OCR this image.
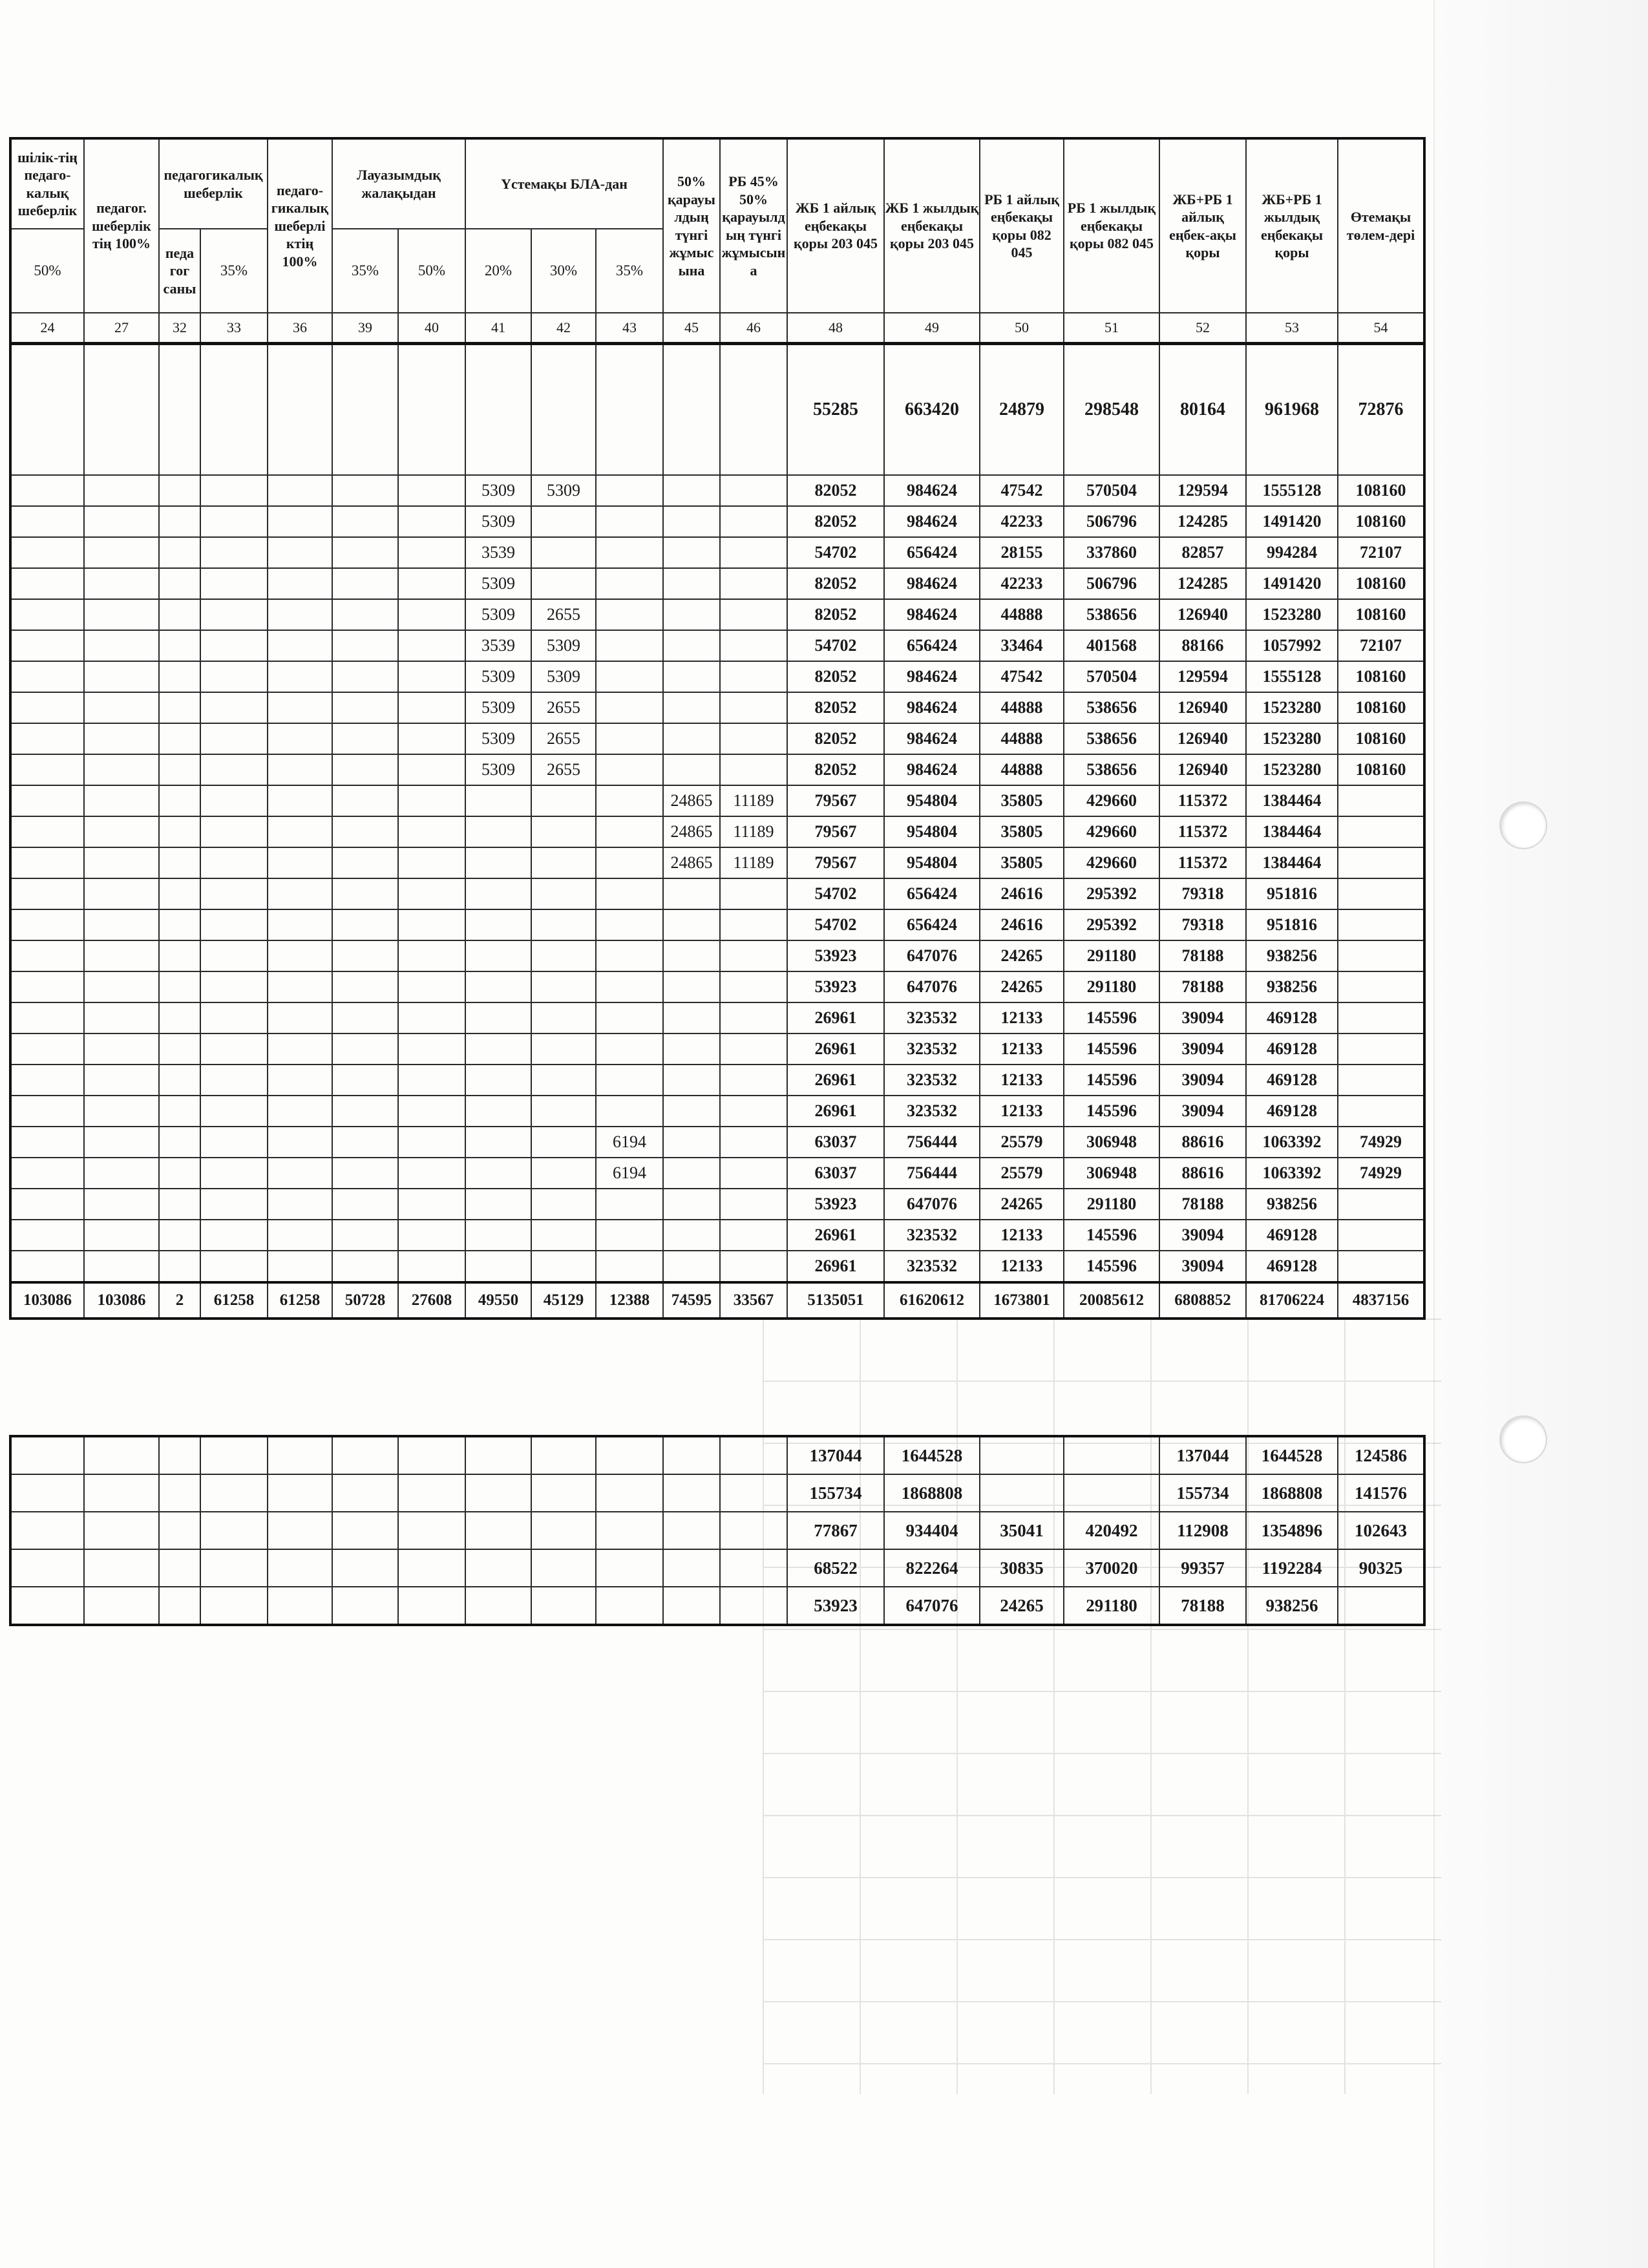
шілік-тің педаго-калық шеберлік	педагог. шеберлік тің 100%	педагогикалық шеберлік		педаго-гикалық шеберлі ктің 100%	Лауазымдық жалақыдан		Үстемақы БЛА-дан			50% қарауылдың түнгі жұмысына	РБ 45% 50% қарауылдың түнгі жұмысына	ЖБ 1 айлық еңбекақы қоры 203 045	ЖБ 1 жылдық еңбекақы қоры 203 045	РБ 1 айлық еңбекақы қоры 082 045	РБ 1 жылдық еңбекақы қоры 082 045	ЖБ+РБ 1 айлық еңбек-ақы қоры	ЖБ+РБ 1 жылдық еңбекақы қоры	Өтемақы төлем-дері
50%		педа гог саны	35%		35%	50%	20%	30%	35%									
24	27	32	33	36	39	40	41	42	43	45	46	48	49	50	51	52	53	54
												55285	663420	24879	298548	80164	961968	72876
							5309	5309				82052	984624	47542	570504	129594	1555128	108160
							5309					82052	984624	42233	506796	124285	1491420	108160
							3539					54702	656424	28155	337860	82857	994284	72107
							5309					82052	984624	42233	506796	124285	1491420	108160
							5309	2655				82052	984624	44888	538656	126940	1523280	108160
							3539	5309				54702	656424	33464	401568	88166	1057992	72107
							5309	5309				82052	984624	47542	570504	129594	1555128	108160
							5309	2655				82052	984624	44888	538656	126940	1523280	108160
							5309	2655				82052	984624	44888	538656	126940	1523280	108160
							5309	2655				82052	984624	44888	538656	126940	1523280	108160
										24865	11189	79567	954804	35805	429660	115372	1384464	
										24865	11189	79567	954804	35805	429660	115372	1384464	
										24865	11189	79567	954804	35805	429660	115372	1384464	
												54702	656424	24616	295392	79318	951816	
												54702	656424	24616	295392	79318	951816	
												53923	647076	24265	291180	78188	938256	
												53923	647076	24265	291180	78188	938256	
												26961	323532	12133	145596	39094	469128	
												26961	323532	12133	145596	39094	469128	
												26961	323532	12133	145596	39094	469128	
												26961	323532	12133	145596	39094	469128	
									6194			63037	756444	25579	306948	88616	1063392	74929
									6194			63037	756444	25579	306948	88616	1063392	74929
												53923	647076	24265	291180	78188	938256	
												26961	323532	12133	145596	39094	469128	
												26961	323532	12133	145596	39094	469128	
103086	103086	2	61258	61258	50728	27608	49550	45129	12388	74595	33567	5135051	61620612	1673801	20085612	6808852	81706224	4837156
												137044	1644528			137044	1644528	124586
												155734	1868808			155734	1868808	141576
												77867	934404	35041	420492	112908	1354896	102643
												68522	822264	30835	370020	99357	1192284	90325
												53923	647076	24265	291180	78188	938256	
